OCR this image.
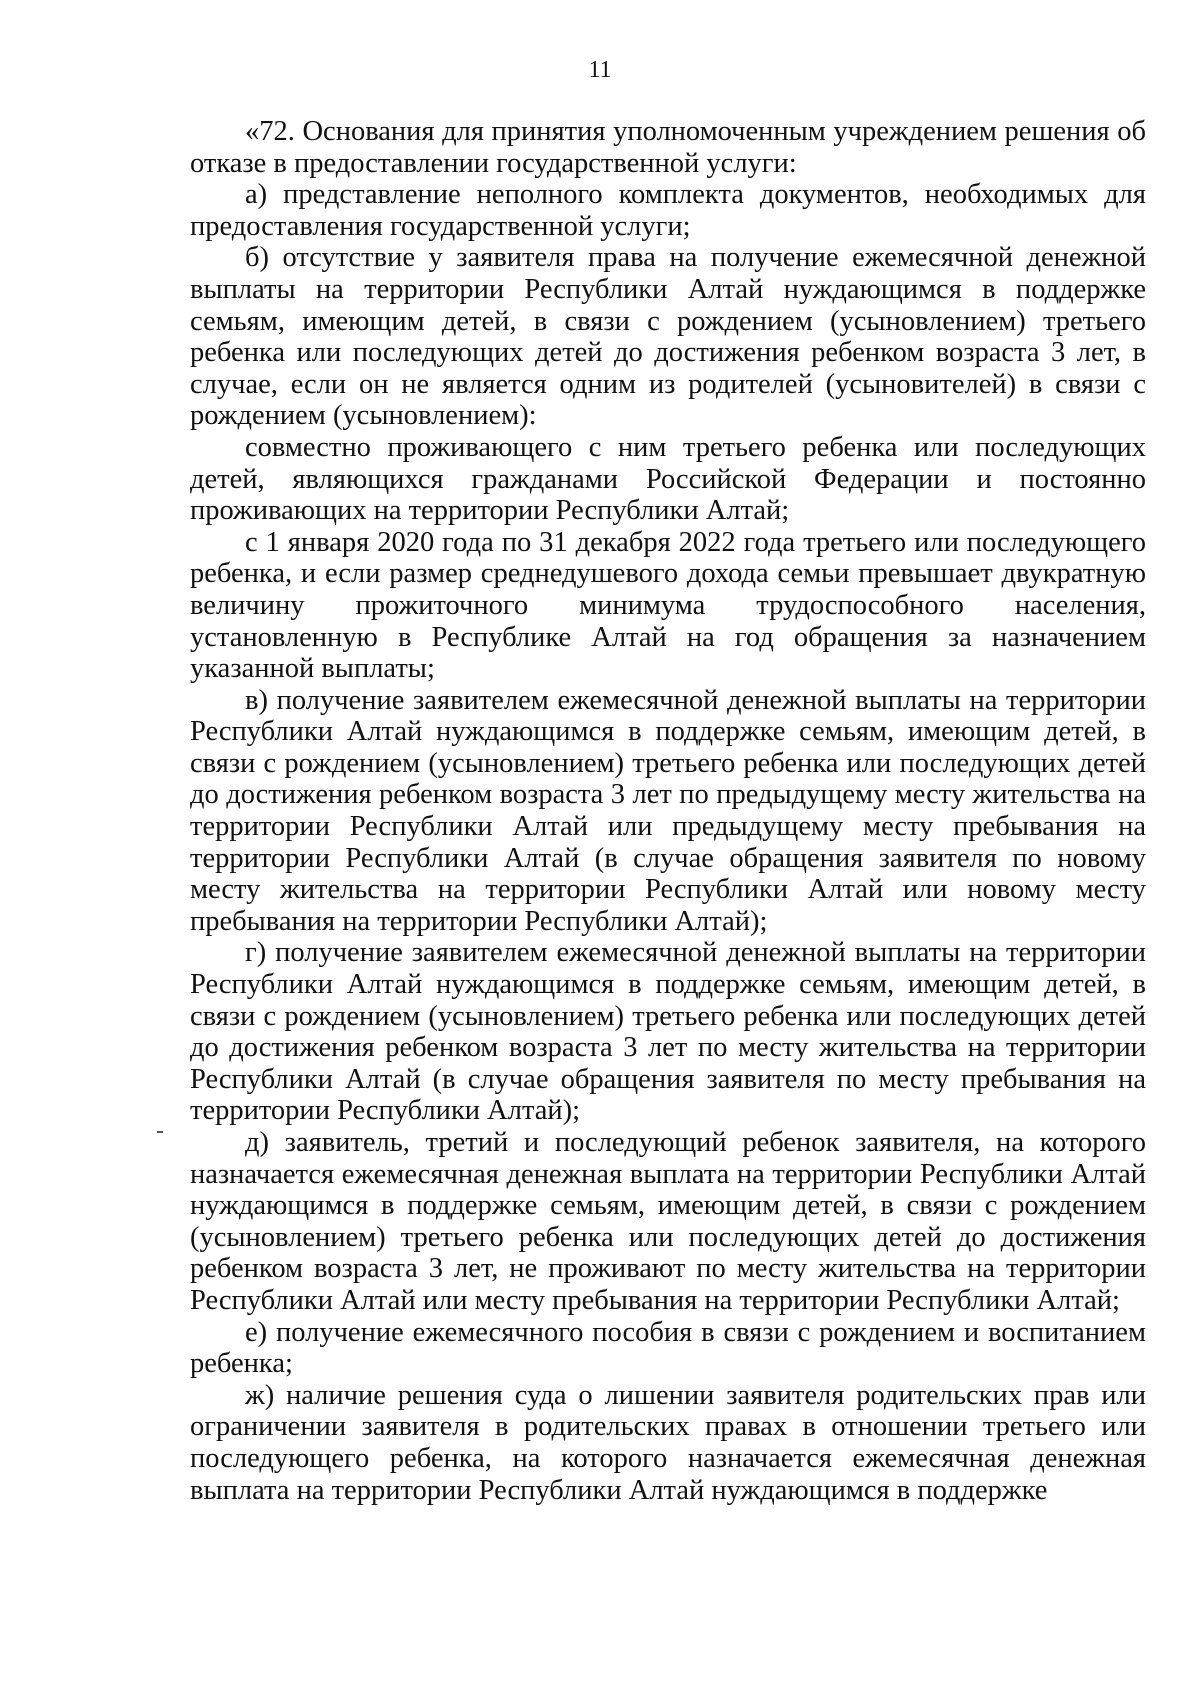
11

«72. Основания для принятия уполномоченным учреждением решения об отказе в предоставлении государственной услуги:

а) представление неполного комплекта документов, необходимых для предоставления государственной услуги;

б) отсутствие у заявителя права на получение ежемесячной денежной выплаты на территории Республики Алтай нуждающимся в поддержке семьям, имеющим детей, в связи с рождением (усыновлением) третьего ребенка или последующих детей до достижения ребенком возраста 3 лет, в случае, если он не является одним из родителей (усыновителей) в связи с рождением (усыновлением):

совместно проживающего с ним третьего ребенка или последующих детей, являющихся гражданами Российской Федерации и постоянно проживающих на территории Республики Алтай;

с 1 января 2020 года по 31 декабря 2022 года третьего или последующего ребенка, и если размер среднедушевого дохода семьи превышает двукратную величину прожиточного минимума трудоспособного населения, установленную в Республике Алтай на год обращения за назначением указанной выплаты;

в) получение заявителем ежемесячной денежной выплаты на территории Республики Алтай нуждающимся в поддержке семьям, имеющим детей, в связи с рождением (усыновлением) третьего ребенка или последующих детей до достижения ребенком возраста 3 лет по предыдущему месту жительства на территории Республики Алтай или предыдущему месту пребывания на территории Республики Алтай (в случае обращения заявителя по новому месту жительства на территории Республики Алтай или новому месту пребывания на территории Республики Алтай);

г) получение заявителем ежемесячной денежной выплаты на территории Республики Алтай нуждающимся в поддержке семьям, имеющим детей, в связи с рождением (усыновлением) третьего ребенка или последующих детей до достижения ребенком возраста 3 лет по месту жительства на территории Республики Алтай (в случае обращения заявителя по месту пребывания на территории Республики Алтай);

д) заявитель, третий и последующий ребенок заявителя, на которого назначается ежемесячная денежная выплата на территории Республики Алтай нуждающимся в поддержке семьям, имеющим детей, в связи с рождением (усыновлением) третьего ребенка или последующих детей до достижения ребенком возраста 3 лет, не проживают по месту жительства на территории Республики Алтай или месту пребывания на территории Республики Алтай;

е) получение ежемесячного пособия в связи с рождением и воспитанием ребенка;

ж) наличие решения суда о лишении заявителя родительских прав или ограничении заявителя в родительских правах в отношении третьего или последующего ребенка, на которого назначается ежемесячная денежная выплата на территории Республики Алтай нуждающимся в поддержке
